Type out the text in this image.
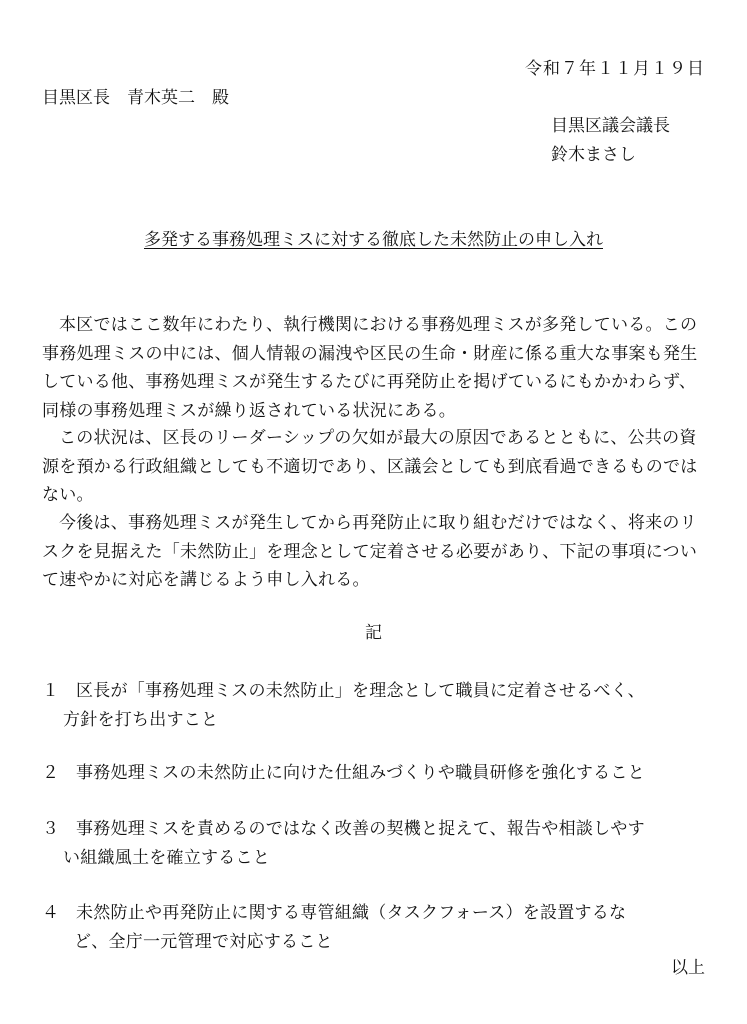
令和７年１１月１９日
目黒区長　青木英二　殿
目黒区議会議長
鈴木まさし
多発する事務処理ミスに対する徹底した未然防止の申し入れ
本区ではここ数年にわたり、執行機関における事務処理ミスが多発している。この事務処理ミスの中には、個人情報の漏洩や区民の生命・財産に係る重大な事案も発生している他、事務処理ミスが発生するたびに再発防止を掲げているにもかかわらず、同様の事務処理ミスが繰り返されている状況にある。
この状況は、区長のリーダーシップの欠如が最大の原因であるとともに、公共の資源を預かる行政組織としても不適切であり、区議会としても到底看過できるものではない。
今後は、事務処理ミスが発生してから再発防止に取り組むだけではなく、将来のリスクを見据えた「未然防止」を理念として定着させる必要があり、下記の事項について速やかに対応を講じるよう申し入れる。
記
１ 区長が「事務処理ミスの未然防止」を理念として職員に定着させるべく、
方針を打ち出すこと
２ 事務処理ミスの未然防止に向けた仕組みづくりや職員研修を強化すること
３ 事務処理ミスを責めるのではなく改善の契機と捉えて、報告や相談しやす
い組織風土を確立すること
４ 未然防止や再発防止に関する専管組織（タスクフォース）を設置するな
ど、全庁一元管理で対応すること
以上
